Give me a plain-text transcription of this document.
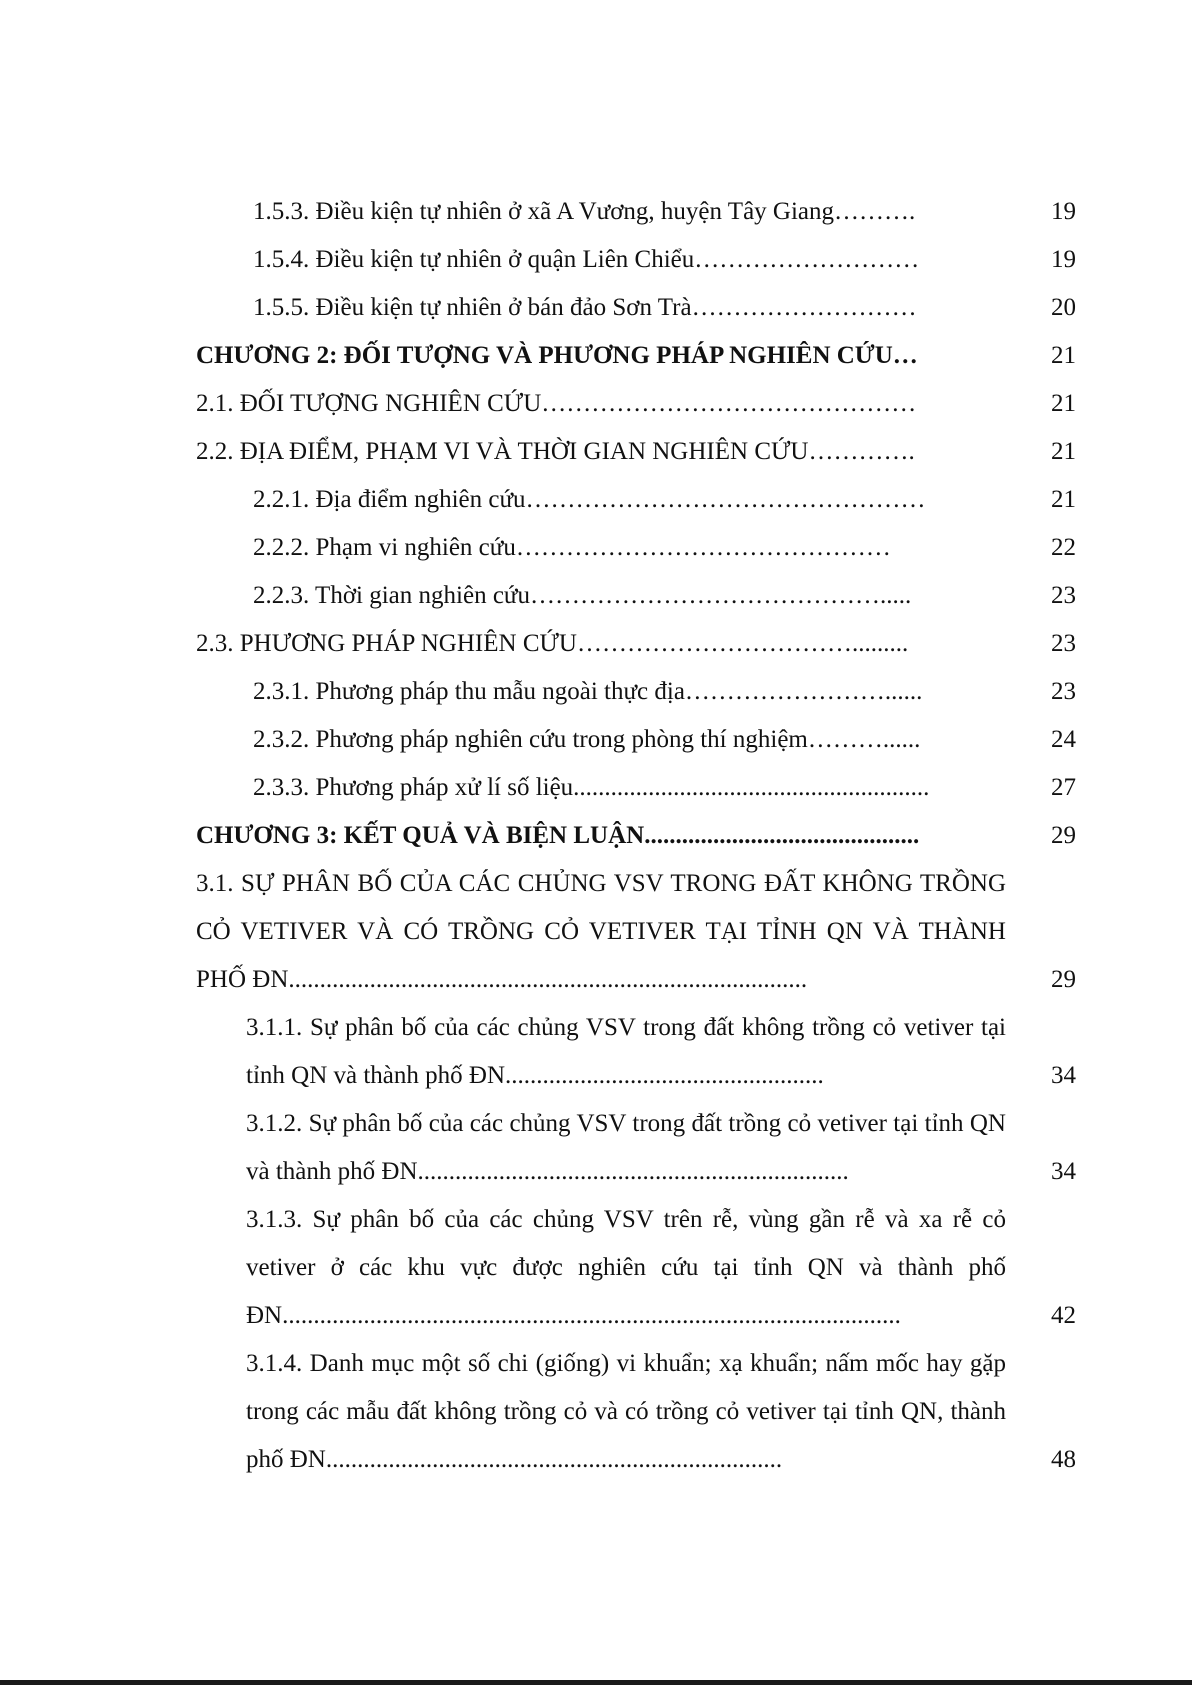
1.5.3. Điều kiện tự nhiên ở xã A Vương, huyện Tây Giang……….	19
1.5.4. Điều kiện tự nhiên ở quận Liên Chiểu………………………	19
1.5.5. Điều kiện tự nhiên ở bán đảo Sơn Trà………………………	20
CHƯƠNG 2: ĐỐI TƯỢNG VÀ PHƯƠNG PHÁP NGHIÊN CỨU…	21
2.1. ĐỐI TƯỢNG NGHIÊN CỨU………………………………………	21
2.2. ĐỊA ĐIỂM, PHẠM VI VÀ THỜI GIAN NGHIÊN CỨU………….	21
2.2.1. Địa điểm nghiên cứu…………………………………………	21
2.2.2. Phạm vi nghiên cứu………………………………………	22
2.2.3. Thời gian nghiên cứu…………………………………….....	23
2.3. PHƯƠNG PHÁP NGHIÊN CỨU…………………………….........	23
2.3.1. Phương pháp thu mẫu ngoài thực địa……………………......	23
2.3.2. Phương pháp nghiên cứu trong phòng thí nghiệm………......	24
2.3.3. Phương pháp xử lí số liệu.........................................................	27
CHƯƠNG 3: KẾT QUẢ VÀ BIỆN LUẬN............................................	29
3.1. SỰ PHÂN BỐ CỦA CÁC CHỦNG VSV TRONG ĐẤT KHÔNG TRỒNG CỎ VETIVER VÀ CÓ TRỒNG CỎ VETIVER TẠI TỈNH QN VÀ THÀNH PHỐ ĐN...................................................................................	29
3.1.1. Sự phân bố của các chủng VSV trong đất không trồng cỏ vetiver tại tỉnh QN và thành phố ĐN...................................................	34
3.1.2. Sự phân bố của các chủng VSV trong đất trồng cỏ vetiver tại tỉnh QN và thành phố ĐN.....................................................................	34
3.1.3. Sự phân bố của các chủng VSV trên rễ, vùng gần rễ và xa rễ cỏ vetiver ở các khu vực được nghiên cứu tại tỉnh QN và thành phố ĐN...................................................................................................	42
3.1.4. Danh mục một số chi (giống) vi khuẩn; xạ khuẩn; nấm mốc hay gặp trong các mẫu đất không trồng cỏ và có trồng cỏ vetiver tại tỉnh QN, thành phố ĐN.........................................................................	48
